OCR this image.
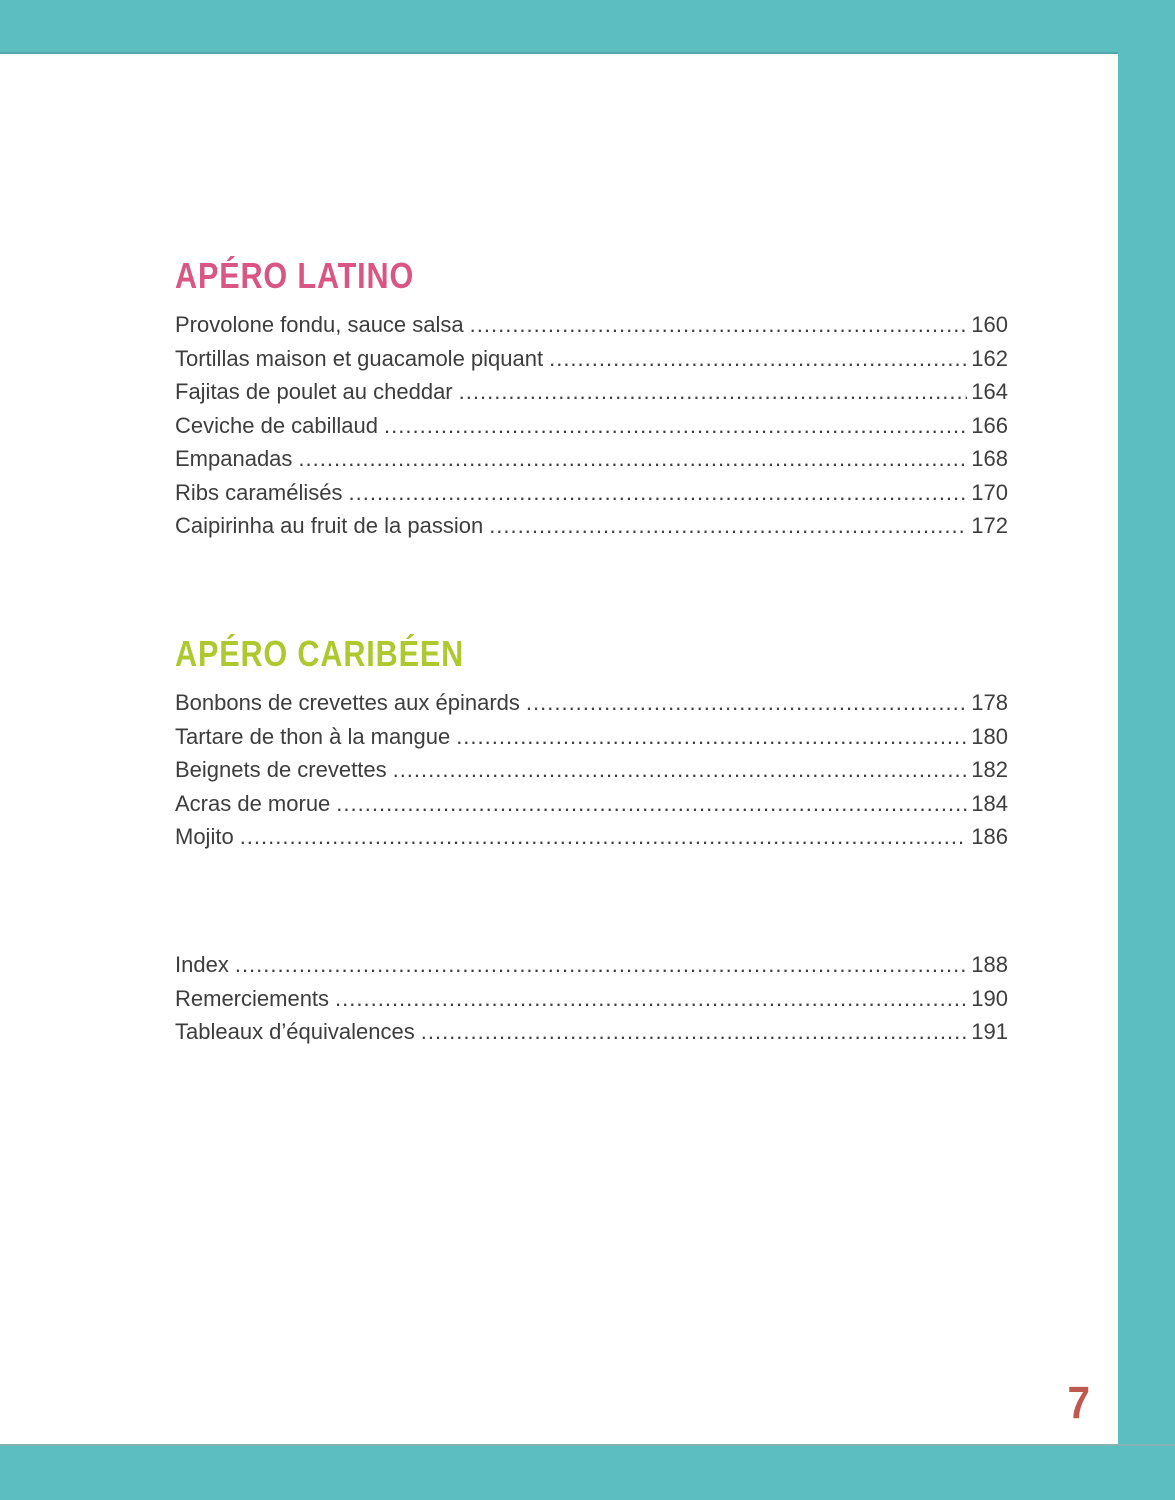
APÉRO LATINO
Provolone fondu, sauce salsa .....	160
Tortillas maison et guacamole piquant .....	162
Fajitas de poulet au cheddar .....	164
Ceviche de cabillaud .....	166
Empanadas .....	168
Ribs caramélisés .....	170
Caipirinha au fruit de la passion .....	172
APÉRO CARIBÉEN
Bonbons de crevettes aux épinards .....	178
Tartare de thon à la mangue .....	180
Beignets de crevettes .....	182
Acras de morue .....	184
Mojito .....	186
Index .....	188
Remerciements .....	190
Tableaux d’équivalences .....	191
7
